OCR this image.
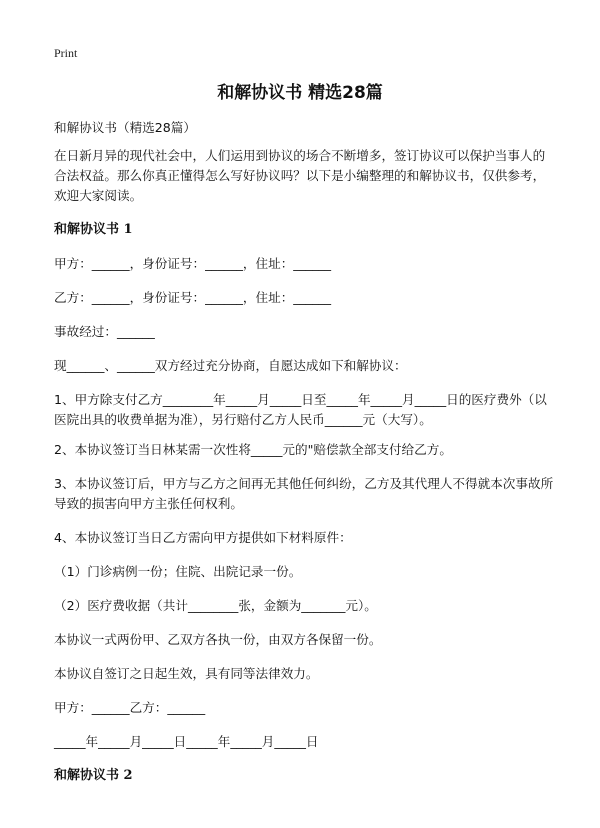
Print
和解协议书 精选28篇

和解协议书（精选28篇）

在日新月异的现代社会中，人们运用到协议的场合不断增多，签订协议可以保护当事人的合法权益。那么你真正懂得怎么写好协议吗？以下是小编整理的和解协议书，仅供参考，欢迎大家阅读。

和解协议书 1

甲方：______，身份证号：______，住址：______

乙方：______，身份证号：______，住址：______

事故经过：______

现______、______双方经过充分协商，自愿达成如下和解协议：

1、甲方除支付乙方________年_____月_____日至_____年_____月_____日的医疗费外（以医院出具的收费单据为准），另行赔付乙方人民币______元（大写）。

2、本协议签订当日林某需一次性将_____元的"赔偿款全部支付给乙方。

3、本协议签订后，甲方与乙方之间再无其他任何纠纷，乙方及其代理人不得就本次事故所导致的损害向甲方主张任何权利。

4、本协议签订当日乙方需向甲方提供如下材料原件：

（1）门诊病例一份；住院、出院记录一份。

（2）医疗费收据（共计________张，金额为_______元）。

本协议一式两份甲、乙双方各执一份，由双方各保留一份。

本协议自签订之日起生效，具有同等法律效力。

甲方：______乙方：______

_____年_____月_____日_____年_____月_____日

和解协议书 2
